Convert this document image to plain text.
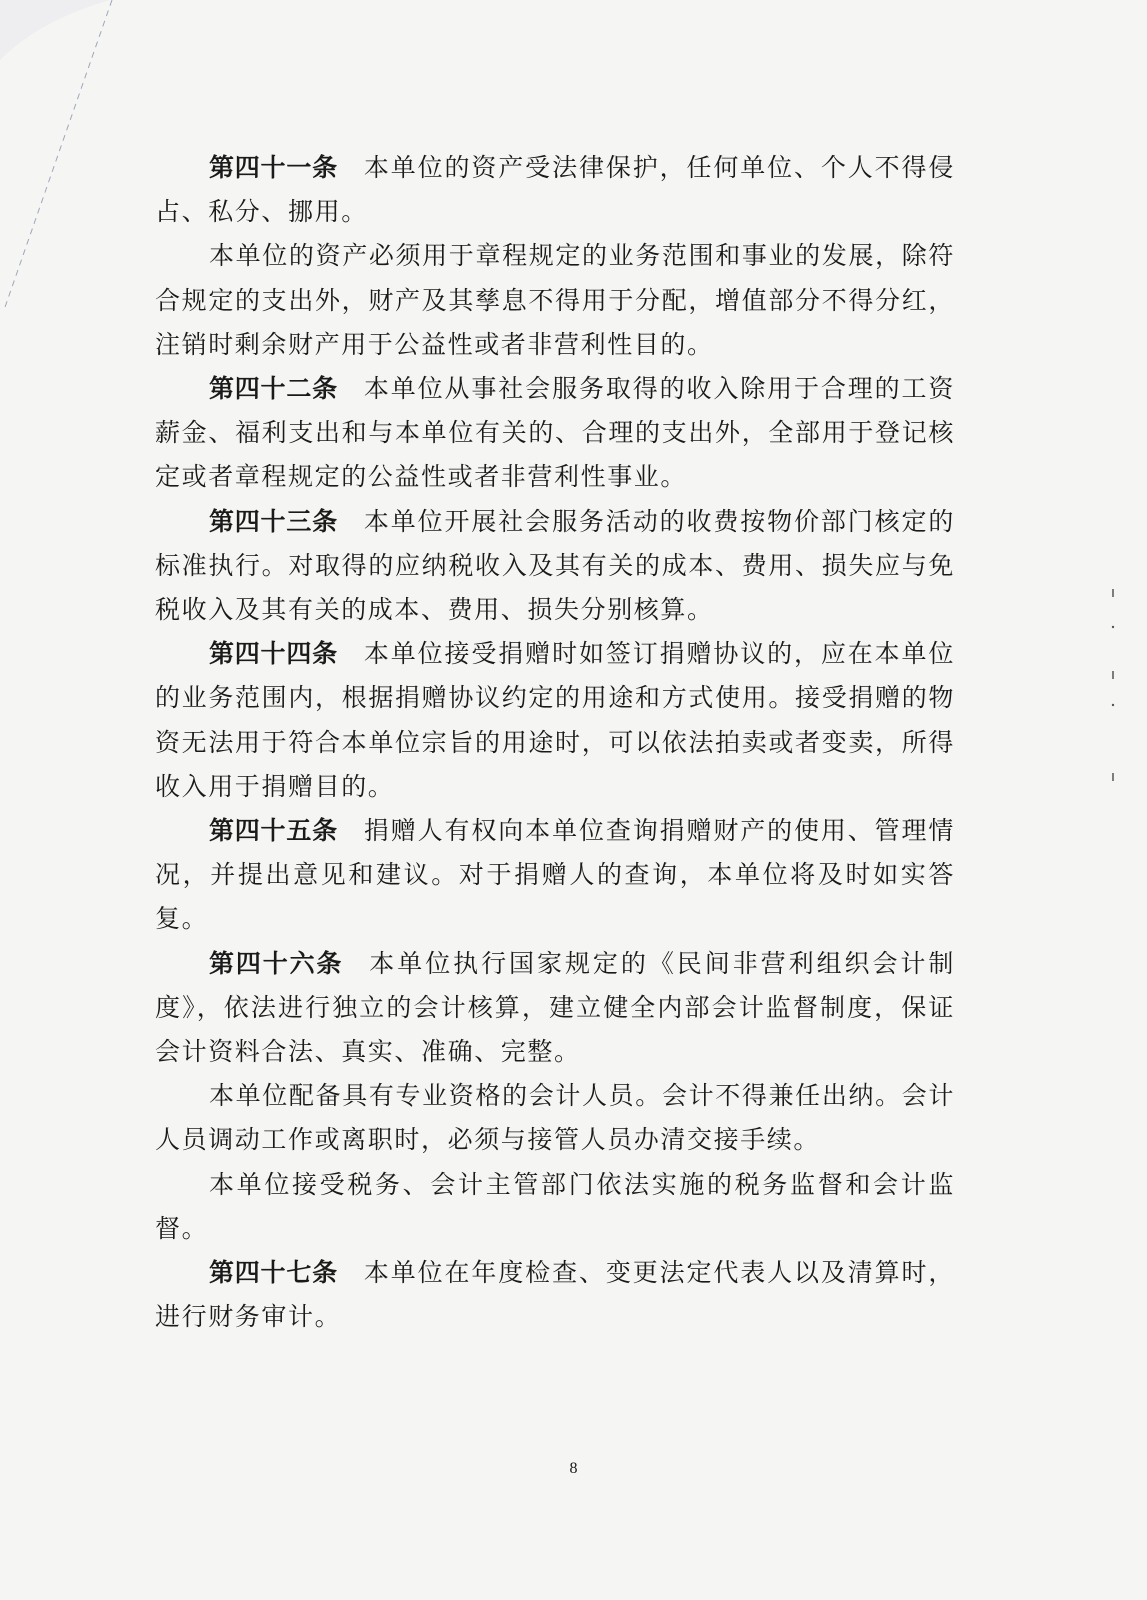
第四十一条 本单位的资产受法律保护，任何单位、个人不得侵占、私分、挪用。

本单位的资产必须用于章程规定的业务范围和事业的发展，除符合规定的支出外，财产及其孳息不得用于分配，增值部分不得分红，注销时剩余财产用于公益性或者非营利性目的。

第四十二条 本单位从事社会服务取得的收入除用于合理的工资薪金、福利支出和与本单位有关的、合理的支出外，全部用于登记核定或者章程规定的公益性或者非营利性事业。

第四十三条 本单位开展社会服务活动的收费按物价部门核定的标准执行。对取得的应纳税收入及其有关的成本、费用、损失应与免税收入及其有关的成本、费用、损失分别核算。

第四十四条 本单位接受捐赠时如签订捐赠协议的，应在本单位的业务范围内，根据捐赠协议约定的用途和方式使用。接受捐赠的物资无法用于符合本单位宗旨的用途时，可以依法拍卖或者变卖，所得收入用于捐赠目的。

第四十五条 捐赠人有权向本单位查询捐赠财产的使用、管理情况，并提出意见和建议。对于捐赠人的查询，本单位将及时如实答复。

第四十六条 本单位执行国家规定的《民间非营利组织会计制度》，依法进行独立的会计核算，建立健全内部会计监督制度，保证会计资料合法、真实、准确、完整。

本单位配备具有专业资格的会计人员。会计不得兼任出纳。会计人员调动工作或离职时，必须与接管人员办清交接手续。

本单位接受税务、会计主管部门依法实施的税务监督和会计监督。

第四十七条 本单位在年度检查、变更法定代表人以及清算时，进行财务审计。

8
